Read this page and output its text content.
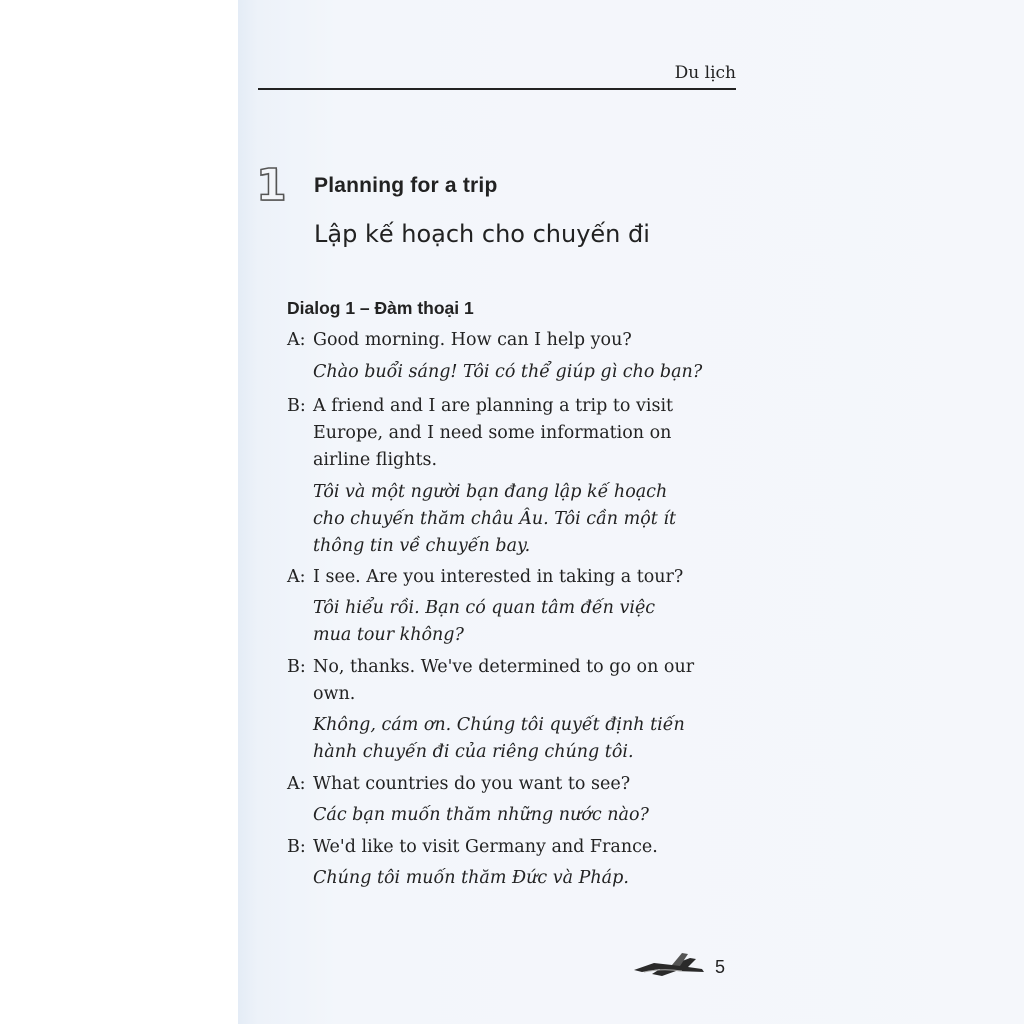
Du lịch
1 Planning for a trip
Lập kế hoạch cho chuyến đi
Dialog 1 – Đàm thoại 1
A: Good morning. How can I help you?
Chào buổi sáng! Tôi có thể giúp gì cho bạn?
B: A friend and I are planning a trip to visit
Europe, and I need some information on
airline flights.
Tôi và một người bạn đang lập kế hoạch
cho chuyến thăm châu Âu. Tôi cần một ít
thông tin về chuyến bay.
A: I see. Are you interested in taking a tour?
Tôi hiểu rồi. Bạn có quan tâm đến việc
mua tour không?
B: No, thanks. We've determined to go on our
own.
Không, cám ơn. Chúng tôi quyết định tiến
hành chuyến đi của riêng chúng tôi.
A: What countries do you want to see?
Các bạn muốn thăm những nước nào?
B: We'd like to visit Germany and France.
Chúng tôi muốn thăm Đức và Pháp.
5
